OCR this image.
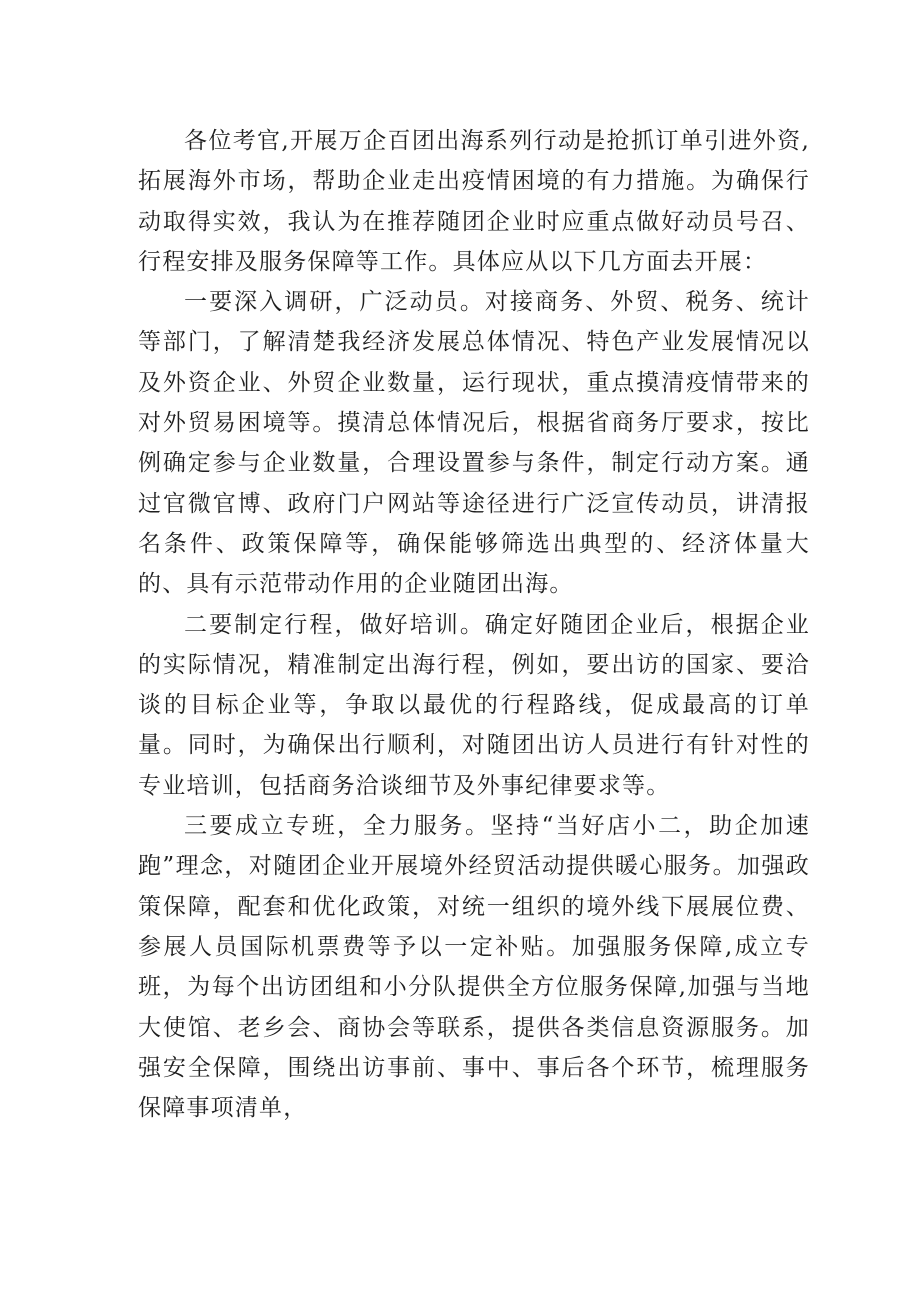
各位考官,开展万企百团出海系列行动是抢抓订单引进外资,拓展海外市场，帮助企业走出疫情困境的有力措施。为确保行动取得实效，我认为在推荐随团企业时应重点做好动员号召、行程安排及服务保障等工作。具体应从以下几方面去开展：

一要深入调研，广泛动员。对接商务、外贸、税务、统计等部门，了解清楚我经济发展总体情况、特色产业发展情况以及外资企业、外贸企业数量，运行现状，重点摸清疫情带来的对外贸易困境等。摸清总体情况后，根据省商务厅要求，按比例确定参与企业数量，合理设置参与条件，制定行动方案。通过官微官博、政府门户网站等途径进行广泛宣传动员，讲清报名条件、政策保障等，确保能够筛选出典型的、经济体量大的、具有示范带动作用的企业随团出海。

二要制定行程，做好培训。确定好随团企业后，根据企业的实际情况，精准制定出海行程，例如，要出访的国家、要洽谈的目标企业等，争取以最优的行程路线，促成最高的订单量。同时，为确保出行顺利，对随团出访人员进行有针对性的专业培训，包括商务洽谈细节及外事纪律要求等。

三要成立专班，全力服务。坚持“当好店小二，助企加速跑”理念，对随团企业开展境外经贸活动提供暖心服务。加强政策保障，配套和优化政策，对统一组织的境外线下展展位费、参展人员国际机票费等予以一定补贴。加强服务保障,成立专班，为每个出访团组和小分队提供全方位服务保障,加强与当地大使馆、老乡会、商协会等联系，提供各类信息资源服务。加强安全保障，围绕出访事前、事中、事后各个环节，梳理服务保障事项清单，
